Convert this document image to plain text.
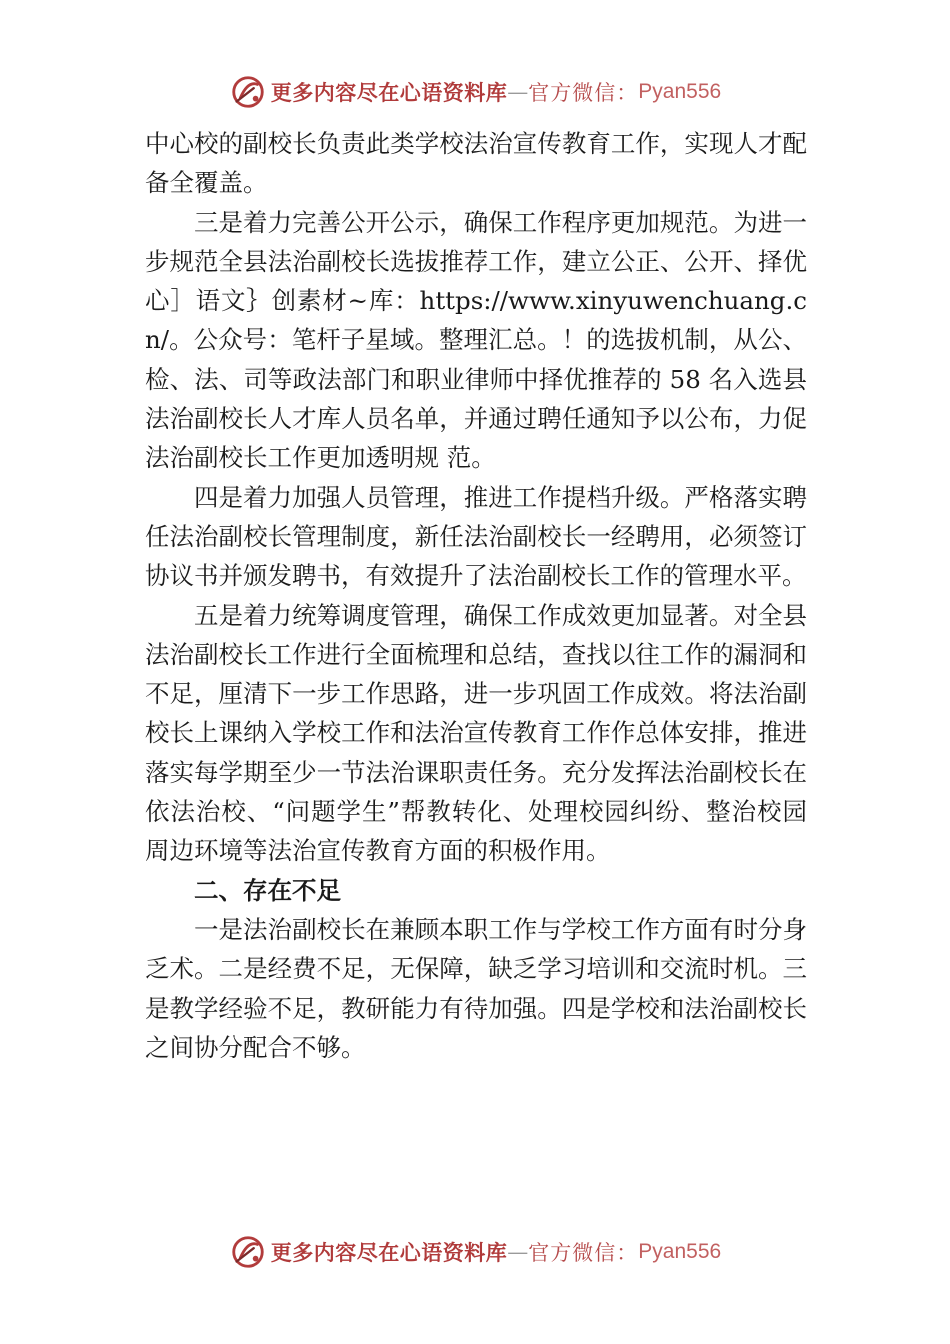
更多内容尽在心语资料库 — 官方微信： Pyan556

中心校的副校长负责此类学校法治宣传教育工作，实现人才配备全覆盖。

三是着力完善公开公示，确保工作程序更加规范。为进一步规范全县法治副校长选拔推荐工作，建立公正、公开、择优心］语文｝创素材~库：https://www.xinyuwenchuang.cn/。公众号：笔杆子星域。整理汇总。！的选拔机制，从公、检、法、司等政法部门和职业律师中择优推荐的 58 名入选县法治副校长人才库人员名单，并通过聘任通知予以公布，力促法治副校长工作更加透明规 范。

四是着力加强人员管理，推进工作提档升级。严格落实聘任法治副校长管理制度，新任法治副校长一经聘用，必须签订协议书并颁发聘书，有效提升了法治副校长工作的管理水平。

五是着力统筹调度管理，确保工作成效更加显著。对全县法治副校长工作进行全面梳理和总结，查找以往工作的漏洞和不足，厘清下一步工作思路，进一步巩固工作成效。将法治副校长上课纳入学校工作和法治宣传教育工作作总体安排，推进落实每学期至少一节法治课职责任务。充分发挥法治副校长在依法治校、“问题学生”帮教转化、处理校园纠纷、整治校园周边环境等法治宣传教育方面的积极作用。

二、存在不足

一是法治副校长在兼顾本职工作与学校工作方面有时分身乏术。二是经费不足，无保障，缺乏学习培训和交流时机。三是教学经验不足，教研能力有待加强。四是学校和法治副校长之间协分配合不够。

更多内容尽在心语资料库 — 官方微信： Pyan556
